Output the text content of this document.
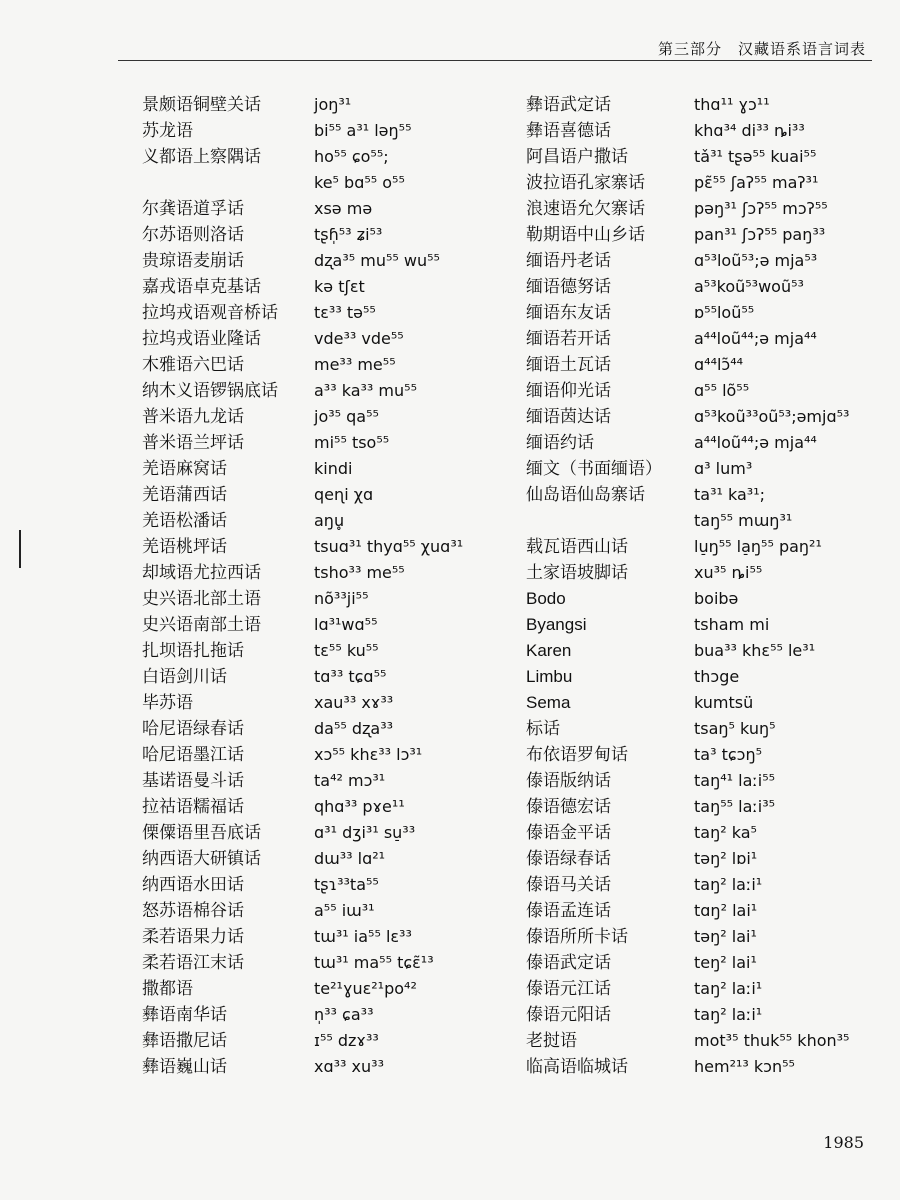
第三部分　汉藏语系语言词表
景颇语铜壁关话	joŋ³¹
苏龙语	bi⁵⁵ a³¹ ləŋ⁵⁵
义都语上察隅话	ho⁵⁵ ɕo⁵⁵;
ke⁵ bɑ⁵⁵ o⁵⁵
尔龚语道孚话	xsə mə
尔苏语则洛话	tʂɦ̩⁵³ ʑi⁵³
贵琼语麦崩话	dʐa³⁵ mu⁵⁵ wu⁵⁵
嘉戎语卓克基话	kə tʃɛt
拉坞戎语观音桥话	tɛ³³ tə⁵⁵
拉坞戎语业隆话	vde³³ vde⁵⁵
木雅语六巴话	me³³ me⁵⁵
纳木义语锣锅底话	a³³ ka³³ mu⁵⁵
普米语九龙话	jo³⁵ qa⁵⁵
普米语兰坪话	mi⁵⁵ tso⁵⁵
羌语麻窝话	kindi
羌语蒲西话	qeɳi χɑ
羌语松潘话	aŋu̥
羌语桃坪话	tsuɑ³¹ thyɑ⁵⁵ χuɑ³¹
却域语尤拉西话	tsho³³ me⁵⁵
史兴语北部土语	nõ³³ji⁵⁵
史兴语南部土语	lɑ³¹wɑ⁵⁵
扎坝语扎拖话	tɛ⁵⁵ ku⁵⁵
白语剑川话	tɑ³³ tɕɑ⁵⁵
毕苏语	xau³³ xɤ³³
哈尼语绿春话	da⁵⁵ dʐa³³
哈尼语墨江话	xɔ⁵⁵ khɛ³³ lɔ³¹
基诺语曼斗话	ta⁴² mɔ³¹
拉祜语糯福话	qhɑ³³ pɤe¹¹
傈僳语里吾底话	ɑ³¹ dʒi³¹ su̠³³
纳西语大研镇话	dɯ³³ lɑ²¹
纳西语水田话	tʂɿ³³ta⁵⁵
怒苏语棉谷话	a⁵⁵ iɯ³¹
柔若语果力话	tɯ³¹ ia⁵⁵ lɛ³³
柔若语江末话	tɯ³¹ ma⁵⁵ tɕɛ̃¹³
撒都语	te²¹ɣuɛ²¹po⁴²
彝语南华话	n̩³³ ɕa³³
彝语撒尼话	ɪ⁵⁵ dzɤ³³
彝语巍山话	xɑ³³ xu³³
彝语武定话	thɑ¹¹ ɣɔ¹¹
彝语喜德话	khɑ³⁴ di³³ ȵi³³
阿昌语户撒话	tǎ³¹ tʂə⁵⁵ kuai⁵⁵
波拉语孔家寨话	pɛ̃⁵⁵ ʃaʔ⁵⁵ maʔ³¹
浪速语允欠寨话	pəŋ³¹ ʃɔʔ⁵⁵ mɔʔ⁵⁵
勒期语中山乡话	pan³¹ ʃɔʔ⁵⁵ paŋ³³
缅语丹老话	ɑ⁵³loũ⁵³;ə mja⁵³
缅语德努话	a⁵³koũ⁵³woũ⁵³
缅语东友话	ɒ⁵⁵loũ⁵⁵
缅语若开话	a⁴⁴loũ⁴⁴;ə mja⁴⁴
缅语土瓦话	ɑ⁴⁴lɔ̃⁴⁴
缅语仰光话	ɑ⁵⁵ lõ⁵⁵
缅语茵达话	ɑ⁵³koũ³³oũ⁵³;əmjɑ⁵³
缅语约话	a⁴⁴loũ⁴⁴;ə mja⁴⁴
缅文（书面缅语）	ɑ³ lum³
仙岛语仙岛寨话	ta³¹ ka³¹;
taŋ⁵⁵ mɯŋ³¹
载瓦语西山话	lu̠ŋ⁵⁵ la̠ŋ⁵⁵ paŋ²¹
土家语坡脚话	xu³⁵ ȵi⁵⁵
Bodo	boibə
Byangsi	tsham mi
Karen	bua³³ khɛ⁵⁵ le³¹
Limbu	thɔge
Sema	kumtsü
标话	tsaŋ⁵ kuŋ⁵
布依语罗甸话	ta³ tɕɔŋ⁵
傣语版纳话	taŋ⁴¹ laːi⁵⁵
傣语德宏话	taŋ⁵⁵ laːi³⁵
傣语金平话	taŋ² ka⁵
傣语绿春话	təŋ² lɒi¹
傣语马关话	taŋ² laːi¹
傣语孟连话	tɑŋ² lai¹
傣语所所卡话	təŋ² lai¹
傣语武定话	teŋ² lai¹
傣语元江话	taŋ² laːi¹
傣语元阳话	taŋ² laːi¹
老挝语	mot³⁵ thuk⁵⁵ khon³⁵
临高语临城话	hem²¹³ kɔn⁵⁵
1985
